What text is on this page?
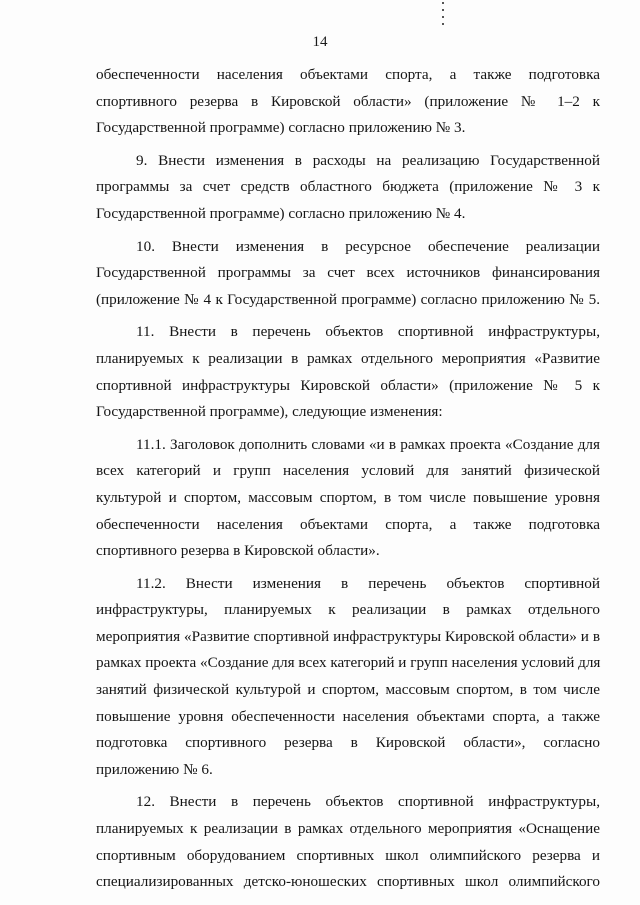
14
обеспеченности населения объектами спорта, а также подготовка
спортивного резерва в Кировской области» (приложение № 1–2 к
Государственной программе) согласно приложению № 3.
9. Внести изменения в расходы на реализацию Государственной
программы за счет средств областного бюджета (приложение № 3 к
Государственной программе) согласно приложению № 4.
10. Внести изменения в ресурсное обеспечение реализации
Государственной программы за счет всех источников финансирования
(приложение № 4 к Государственной программе) согласно приложению № 5.
11. Внести в перечень объектов спортивной инфраструктуры,
планируемых к реализации в рамках отдельного мероприятия «Развитие
спортивной инфраструктуры Кировской области» (приложение № 5 к
Государственной программе), следующие изменения:
11.1. Заголовок дополнить словами «и в рамках проекта «Создание для
всех категорий и групп населения условий для занятий физической
культурой и спортом, массовым спортом, в том числе повышение уровня
обеспеченности населения объектами спорта, а также подготовка
спортивного резерва в Кировской области».
11.2. Внести изменения в перечень объектов спортивной
инфраструктуры, планируемых к реализации в рамках отдельного
мероприятия «Развитие спортивной инфраструктуры Кировской области» и в
рамках проекта «Создание для всех категорий и групп населения условий для
занятий физической культурой и спортом, массовым спортом, в том числе
повышение уровня обеспеченности населения объектами спорта, а также
подготовка спортивного резерва в Кировской области», согласно
приложению № 6.
12. Внести в перечень объектов спортивной инфраструктуры,
планируемых к реализации в рамках отдельного мероприятия «Оснащение
спортивным оборудованием спортивных школ олимпийского резерва и
специализированных детско-юношеских спортивных школ олимпийского
